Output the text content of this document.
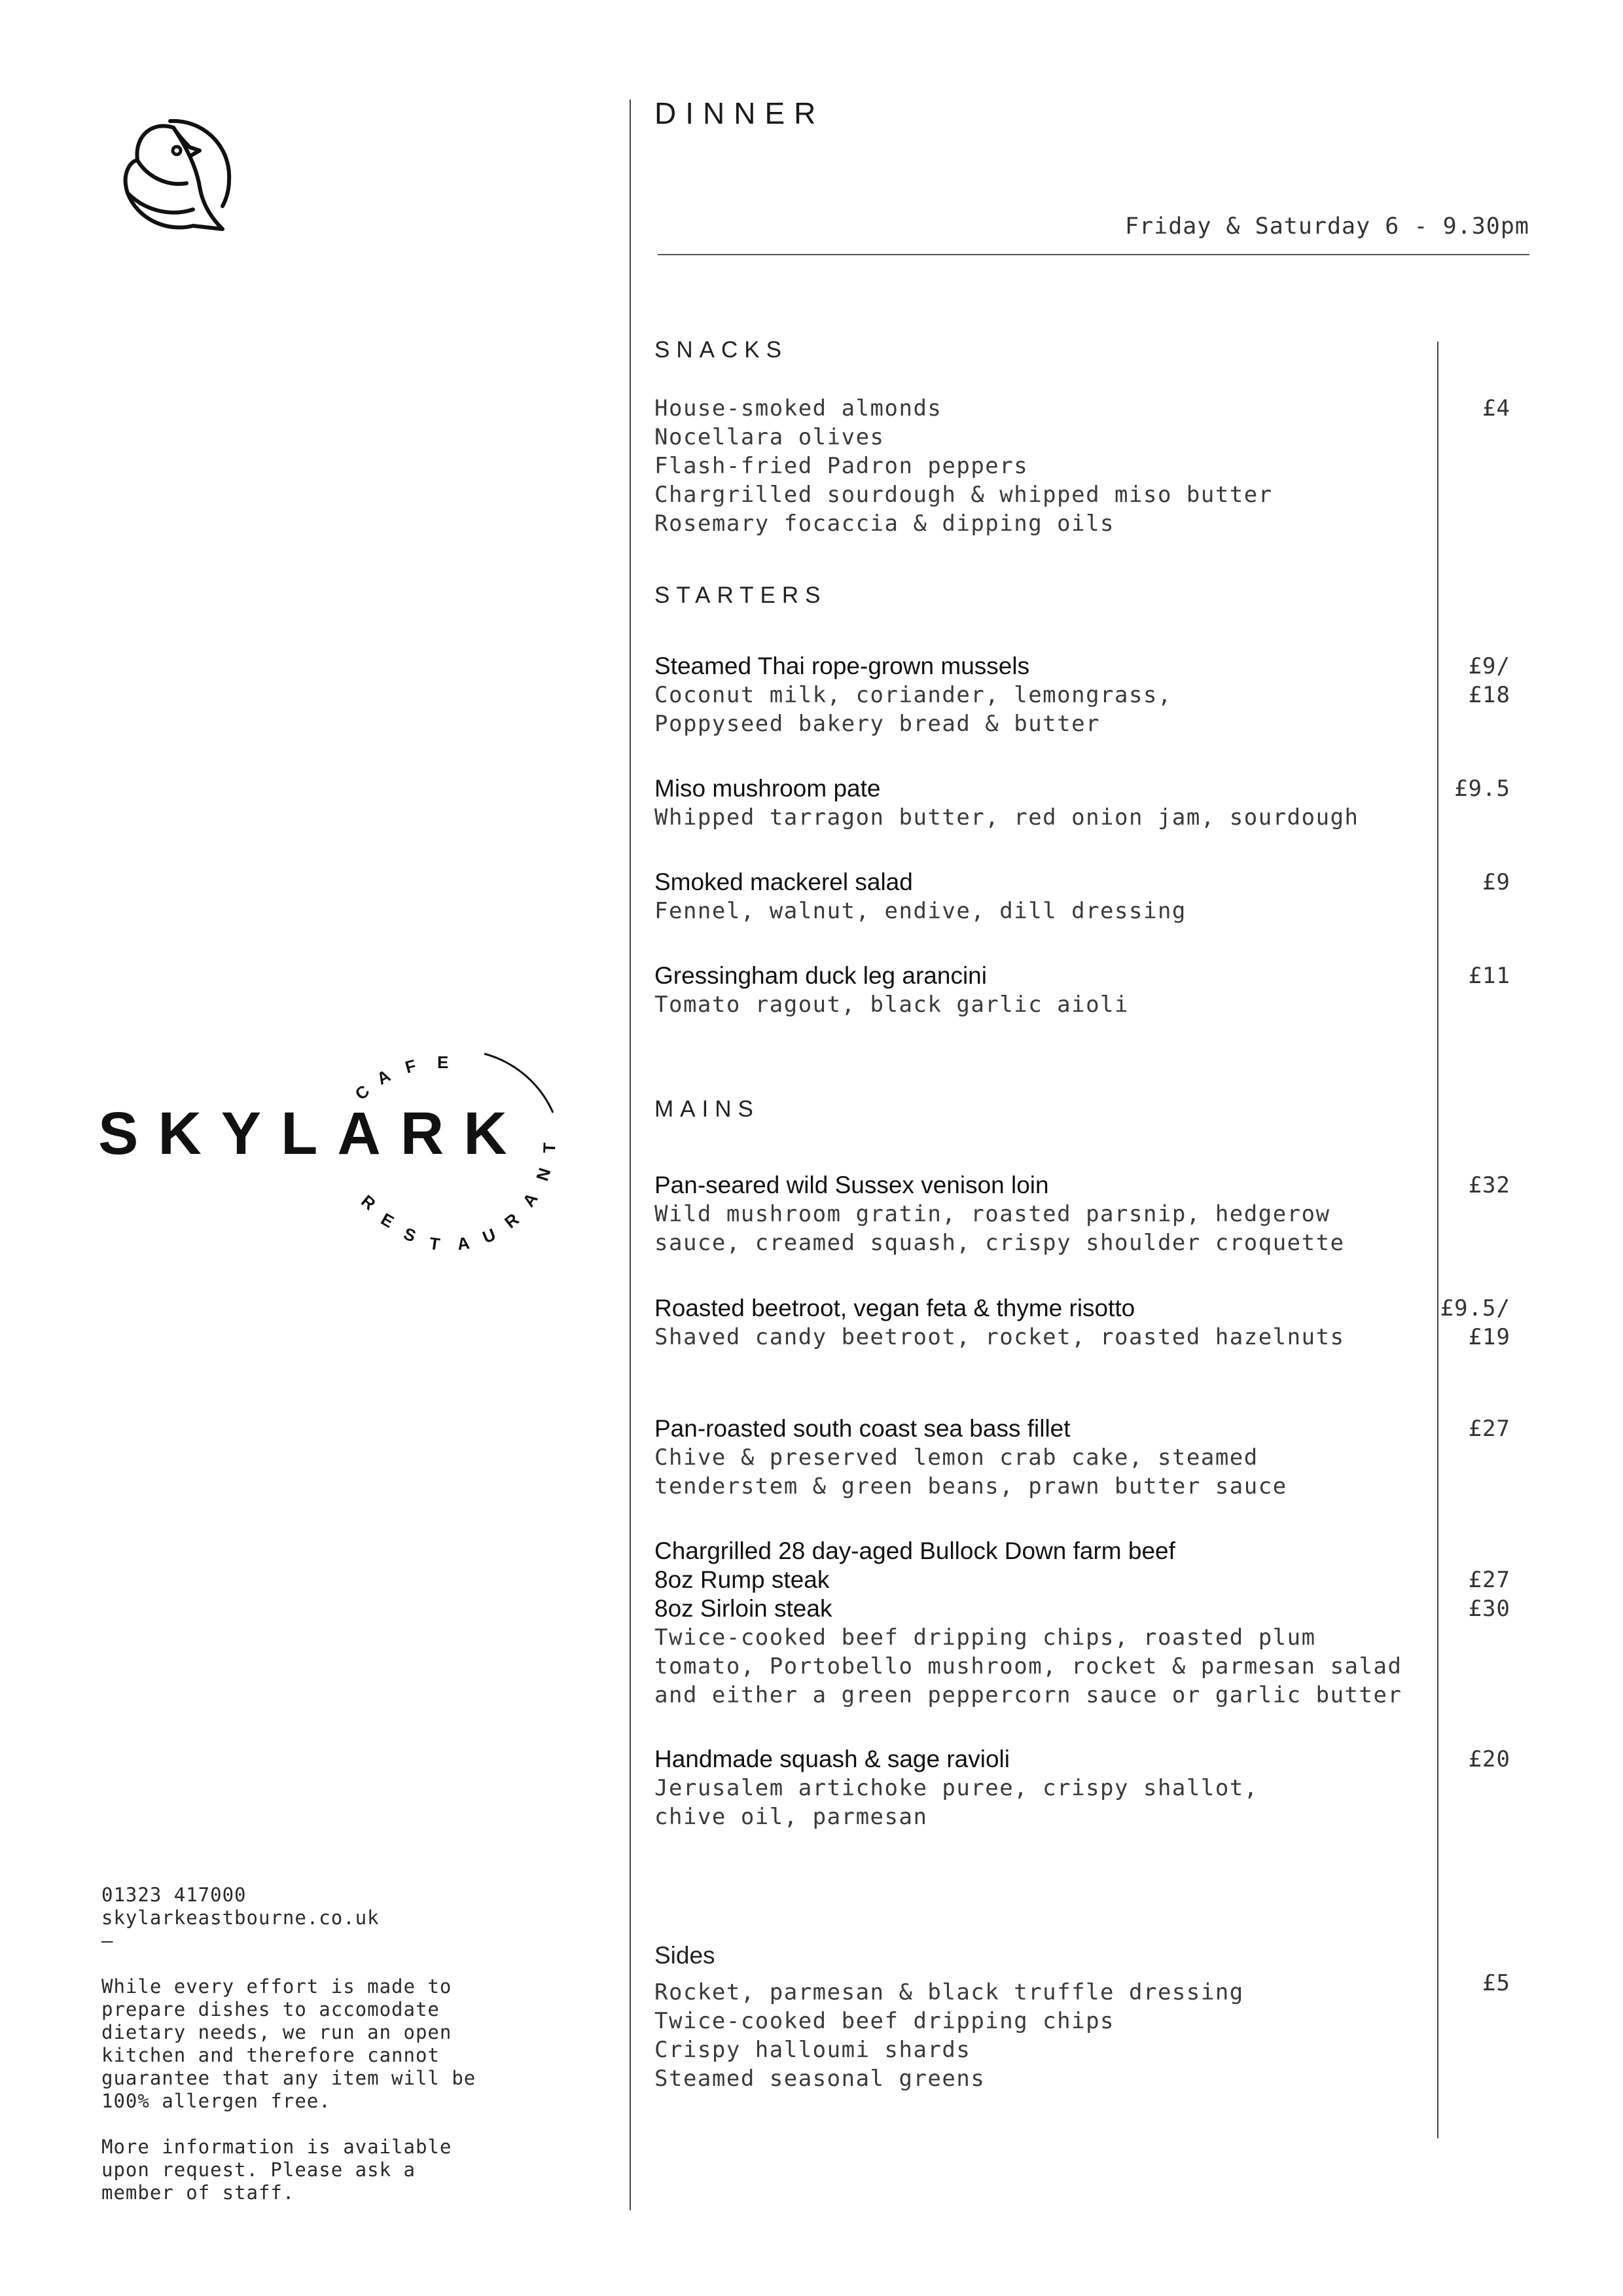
DINNER
Friday & Saturday 6 - 9.30pm
SNACKS
House-smoked almonds
Nocellara olives
Flash-fried Padron peppers
Chargrilled sourdough & whipped miso butter
Rosemary focaccia & dipping oils
£4
STARTERS
Steamed Thai rope-grown mussels
Coconut milk, coriander, lemongrass,
Poppyseed bakery bread & butter
£9/
£18
Miso mushroom pate
Whipped tarragon butter, red onion jam, sourdough
£9.5
Smoked mackerel salad
Fennel, walnut, endive, dill dressing
£9
Gressingham duck leg arancini
Tomato ragout, black garlic aioli
£11
MAINS
Pan-seared wild Sussex venison loin
Wild mushroom gratin, roasted parsnip, hedgerow
sauce, creamed squash, crispy shoulder croquette
£32
Roasted beetroot, vegan feta & thyme risotto
Shaved candy beetroot, rocket, roasted hazelnuts
£9.5/
£19
Pan-roasted south coast sea bass fillet
Chive & preserved lemon crab cake, steamed
tenderstem & green beans, prawn butter sauce
£27
Chargrilled 28 day-aged Bullock Down farm beef
8oz Rump steak
8oz Sirloin steak
Twice-cooked beef dripping chips, roasted plum
tomato, Portobello mushroom, rocket & parmesan salad
and either a green peppercorn sauce or garlic butter
£27
£30
Handmade squash & sage ravioli
Jerusalem artichoke puree, crispy shallot,
chive oil, parmesan
£20
Sides
Rocket, parmesan & black truffle dressing
Twice-cooked beef dripping chips
Crispy halloumi shards
Steamed seasonal greens
£5
C
A F E
R
E
S T A U
R
A
N
T
SKYLARK

01323 417000

skylarkeastbourne.co.uk

—

While every effort is made to prepare dishes to accomodate dietary needs, we run an open kitchen and therefore cannot guarantee that any item will be 100% allergen free.

More information is available upon request. Please ask a member of staff.
